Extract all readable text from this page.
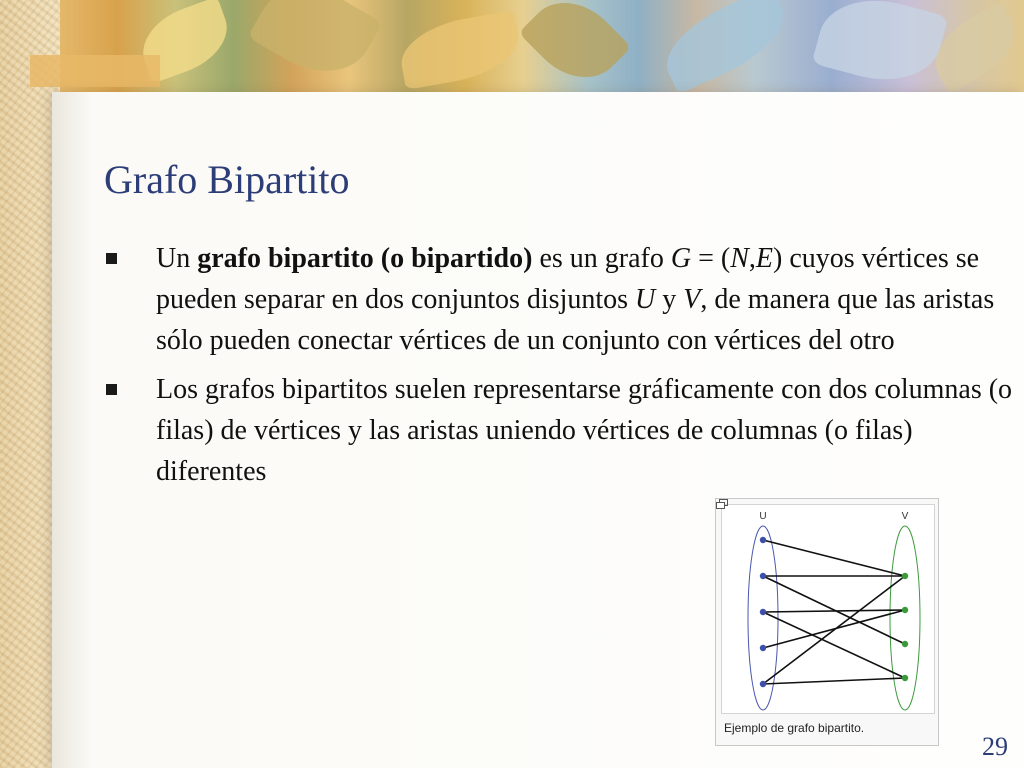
Grafo Bipartito
Un grafo bipartito (o bipartido) es un grafo G = (N,E) cuyos vértices se pueden separar en dos conjuntos disjuntos U y V, de manera que las aristas sólo pueden conectar vértices de un conjunto con vértices del otro
Los grafos bipartitos suelen representarse gráficamente con dos columnas (o filas) de vértices y las aristas uniendo vértices de columnas (o filas) diferentes
U	V
Ejemplo de grafo bipartito.
29
